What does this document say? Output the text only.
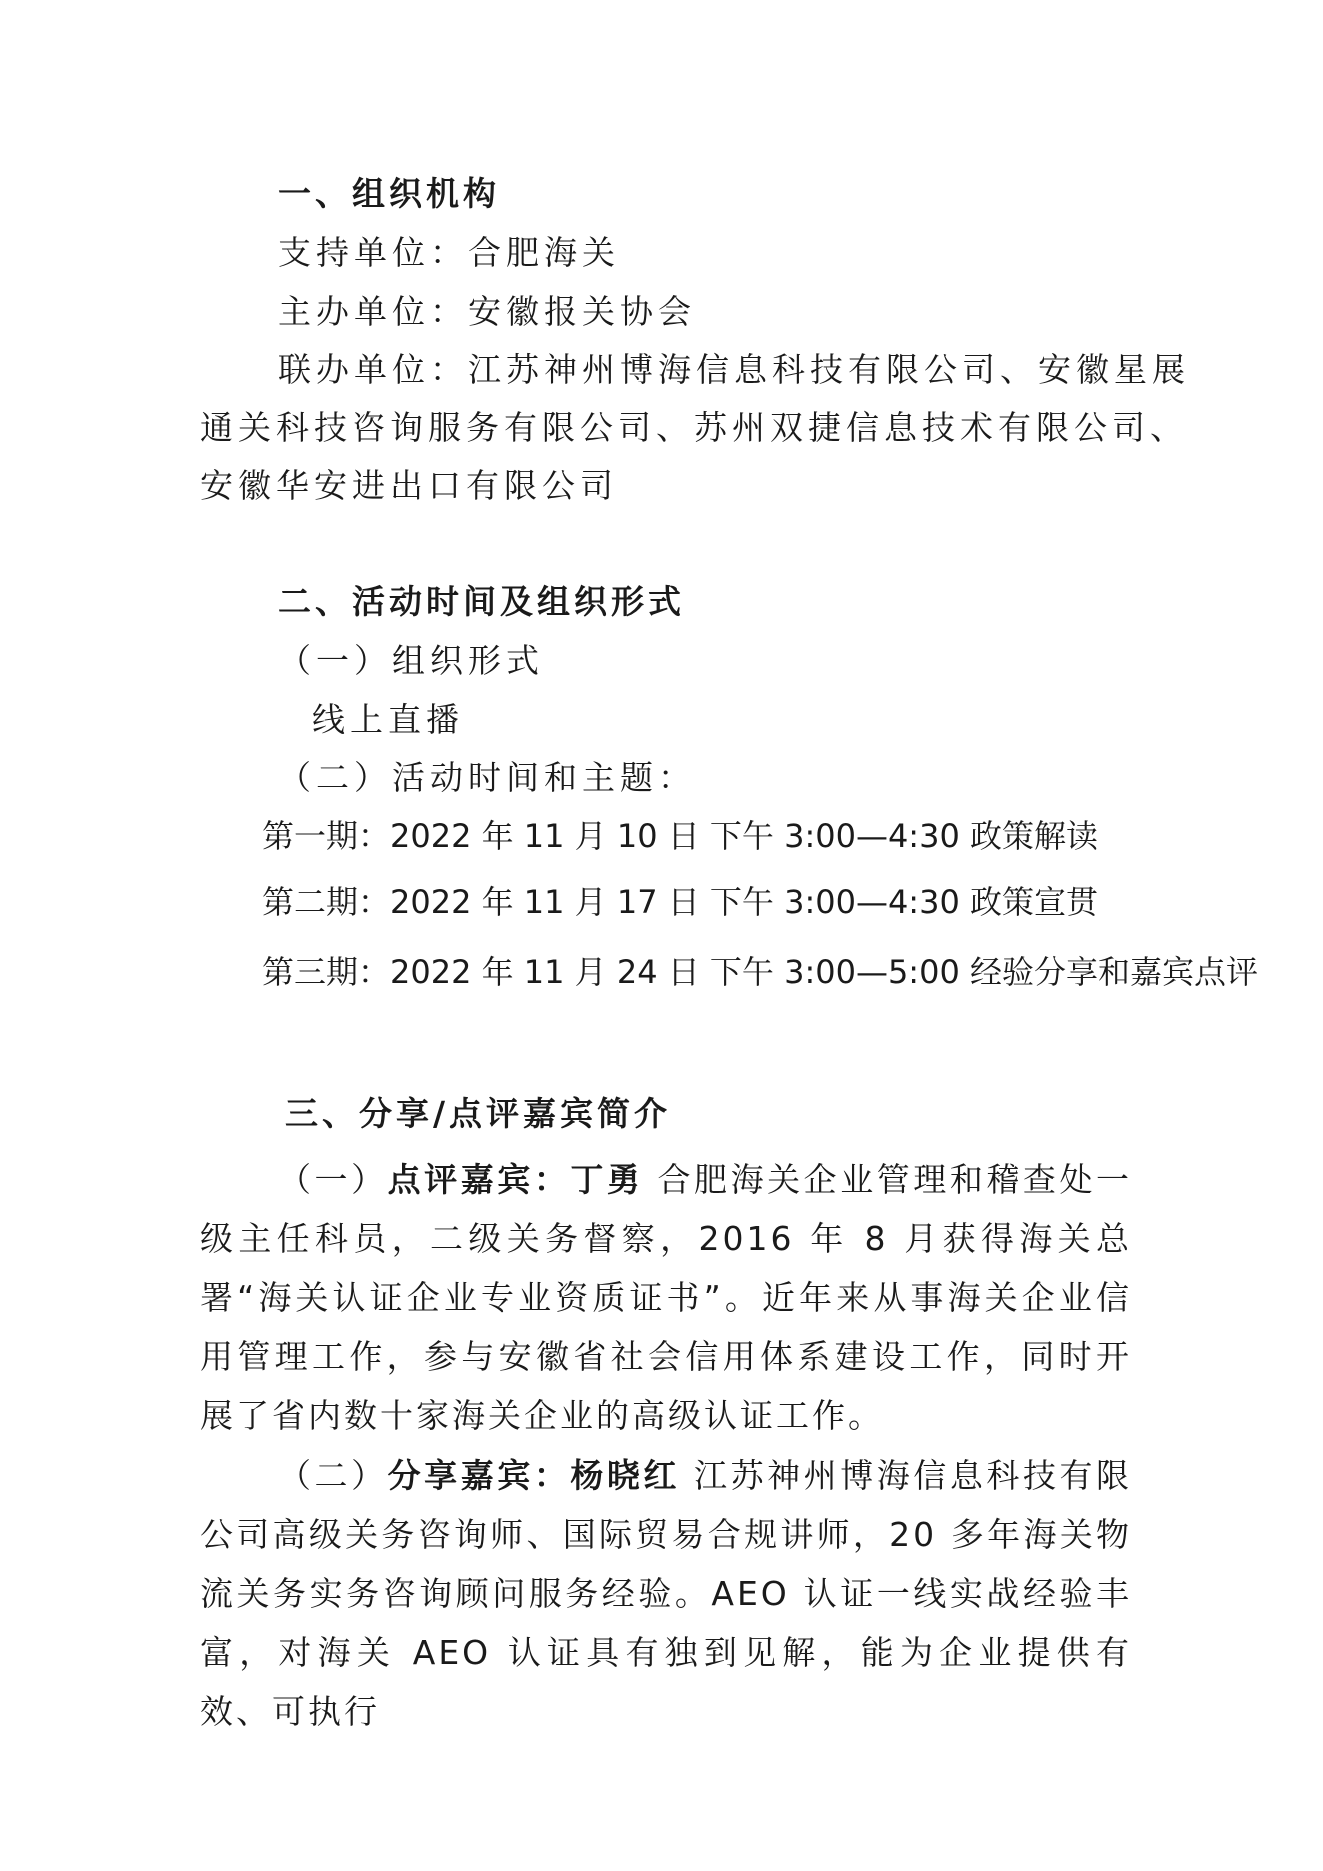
一、组织机构
支持单位：合肥海关
主办单位：安徽报关协会
联办单位：江苏神州博海信息科技有限公司、安徽星展
通关科技咨询服务有限公司、苏州双捷信息技术有限公司、
安徽华安进出口有限公司
二、活动时间及组织形式
（一）组织形式
线上直播
（二）活动时间和主题：
第一期：2022 年 11 月 10 日 下午 3:00—4:30 政策解读
第二期：2022 年 11 月 17 日 下午 3:00—4:30 政策宣贯
第三期：2022 年 11 月 24 日 下午 3:00—5:00 经验分享和嘉宾点评
三、分享/点评嘉宾简介
（一）点评嘉宾：丁勇 合肥海关企业管理和稽查处一级主任科员，二级关务督察，2016 年 8 月获得海关总署“海关认证企业专业资质证书”。近年来从事海关企业信用管理工作，参与安徽省社会信用体系建设工作，同时开展了省内数十家海关企业的高级认证工作。
（二）分享嘉宾：杨晓红 江苏神州博海信息科技有限公司高级关务咨询师、国际贸易合规讲师，20 多年海关物流关务实务咨询顾问服务经验。AEO 认证一线实战经验丰富，对海关 AEO 认证具有独到见解，能为企业提供有效、可执行
